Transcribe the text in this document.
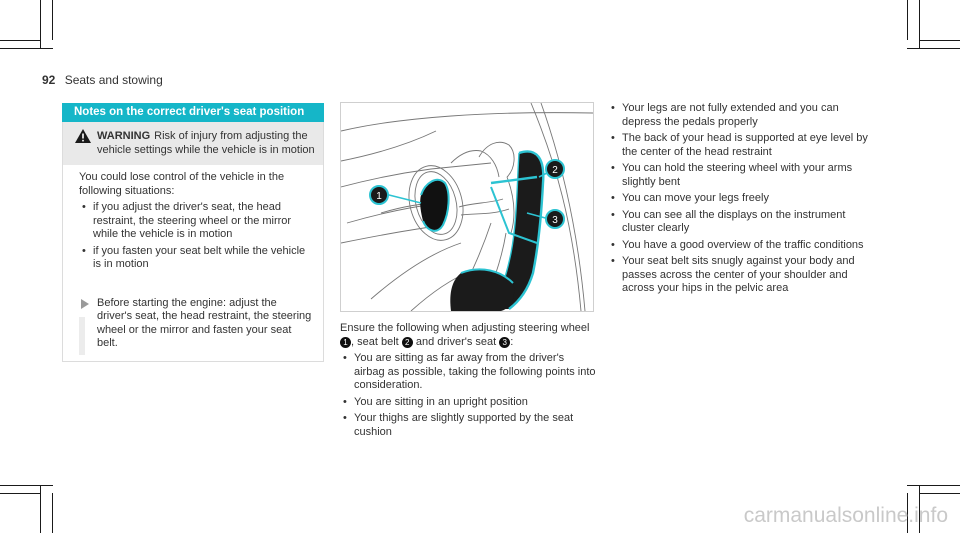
92 Seats and stowing
Notes on the correct driver's seat position
WARNING Risk of injury from adjusting the vehicle settings while the vehicle is in motion
You could lose control of the vehicle in the following situations:
• if you adjust the driver's seat, the head restraint, the steering wheel or the mirror while the vehicle is in motion
• if you fasten your seat belt while the vehicle is in motion
Before starting the engine: adjust the driver's seat, the head restraint, the steering wheel or the mirror and fasten your seat belt.
1
2
3
Ensure the following when adjusting steering wheel 1 , seat belt 2 and driver's seat 3 :
• You are sitting as far away from the driver's airbag as possible, taking the following points into consideration.
• You are sitting in an upright position
• Your thighs are slightly supported by the seat cushion
• Your legs are not fully extended and you can depress the pedals properly
• The back of your head is supported at eye level by the center of the head restraint
• You can hold the steering wheel with your arms slightly bent
• You can move your legs freely
• You can see all the displays on the instrument cluster clearly
• You have a good overview of the traffic conditions
• Your seat belt sits snugly against your body and passes across the center of your shoulder and across your hips in the pelvic area
carmanualsonline.info
